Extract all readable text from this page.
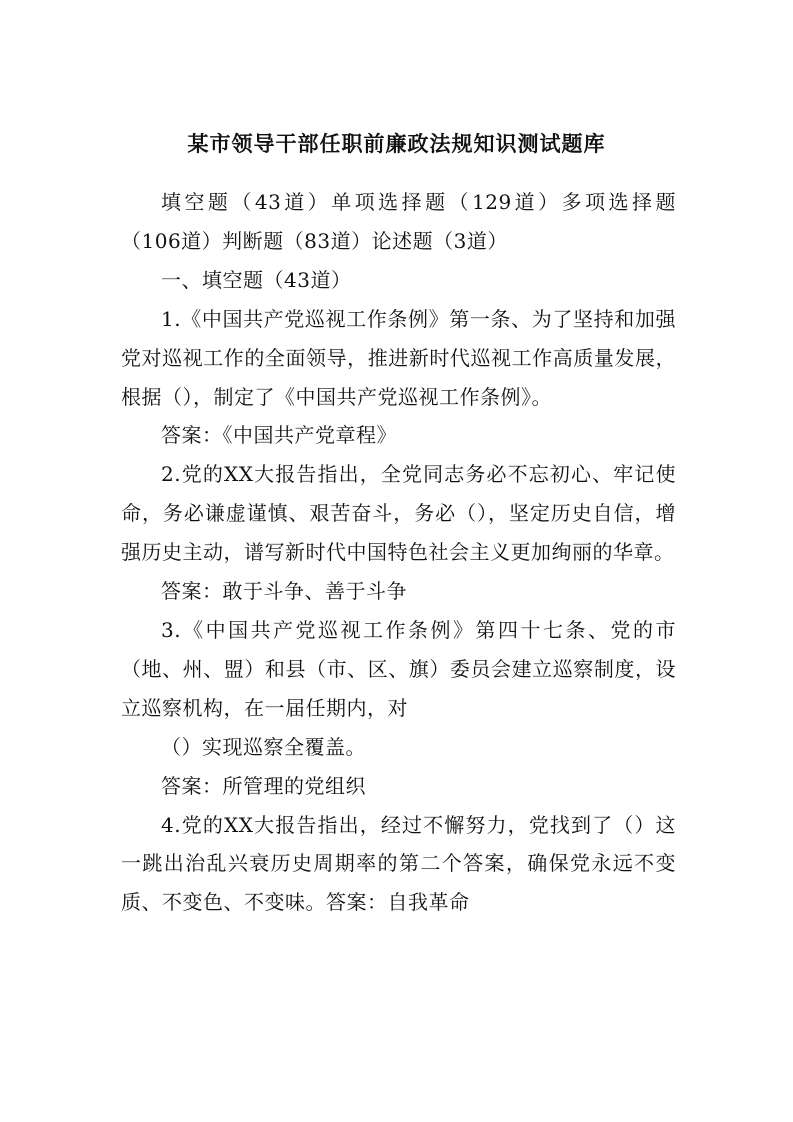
某市领导干部任职前廉政法规知识测试题库

填空题（43道）单项选择题（129道）多项选择题（106道）判断题（83道）论述题（3道）

一、填空题（43道）

1.《中国共产党巡视工作条例》第一条、为了坚持和加强党对巡视工作的全面领导，推进新时代巡视工作高质量发展，根据（），制定了《中国共产党巡视工作条例》。

答案：《中国共产党章程》

2.党的XX大报告指出，全党同志务必不忘初心、牢记使命，务必谦虚谨慎、艰苦奋斗，务必（），坚定历史自信，增强历史主动，谱写新时代中国特色社会主义更加绚丽的华章。

答案：敢于斗争、善于斗争

3.《中国共产党巡视工作条例》第四十七条、党的市（地、州、盟）和县（市、区、旗）委员会建立巡察制度，设立巡察机构，在一届任期内，对

（）实现巡察全覆盖。

答案：所管理的党组织

4.党的XX大报告指出，经过不懈努力，党找到了（）这一跳出治乱兴衰历史周期率的第二个答案，确保党永远不变质、不变色、不变味。答案：自我革命
